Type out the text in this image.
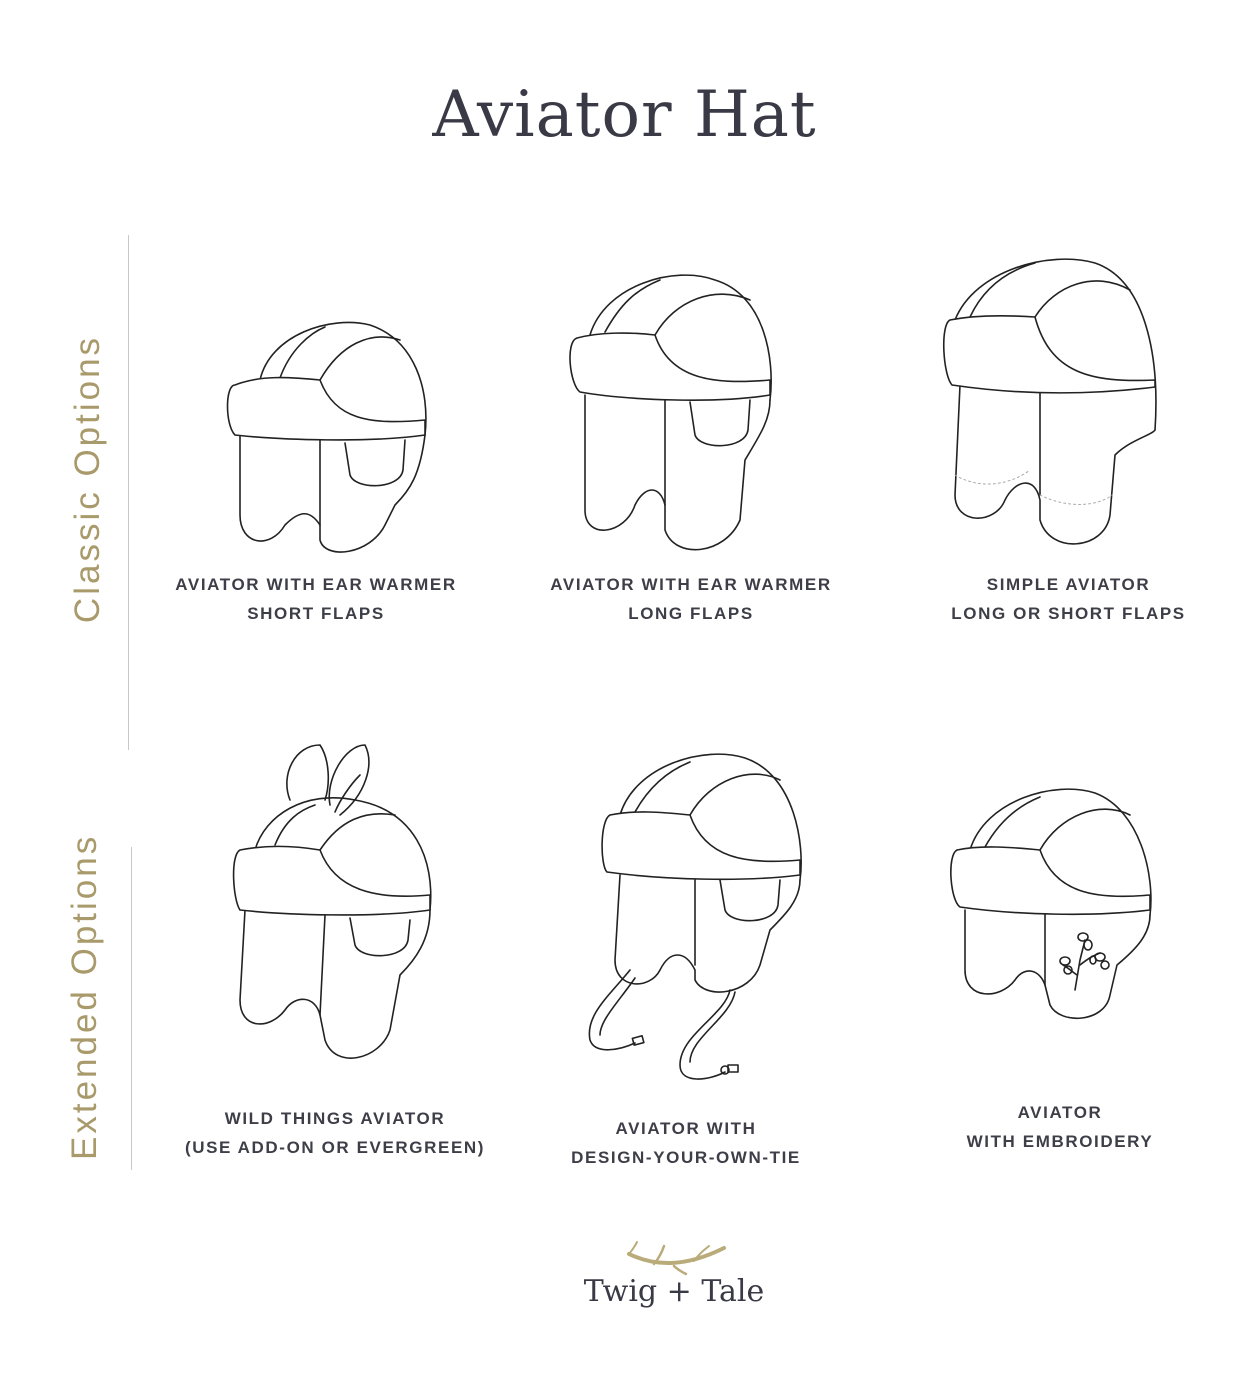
Aviator Hat
Classic Options
Extended Options
AVIATOR WITH EAR WARMER
SHORT FLAPS
AVIATOR WITH EAR WARMER
LONG FLAPS
SIMPLE AVIATOR
LONG OR SHORT FLAPS
WILD THINGS AVIATOR
(USE ADD-ON OR EVERGREEN)
AVIATOR WITH
DESIGN-YOUR-OWN-TIE
AVIATOR
WITH EMBROIDERY
Twig + Tale
